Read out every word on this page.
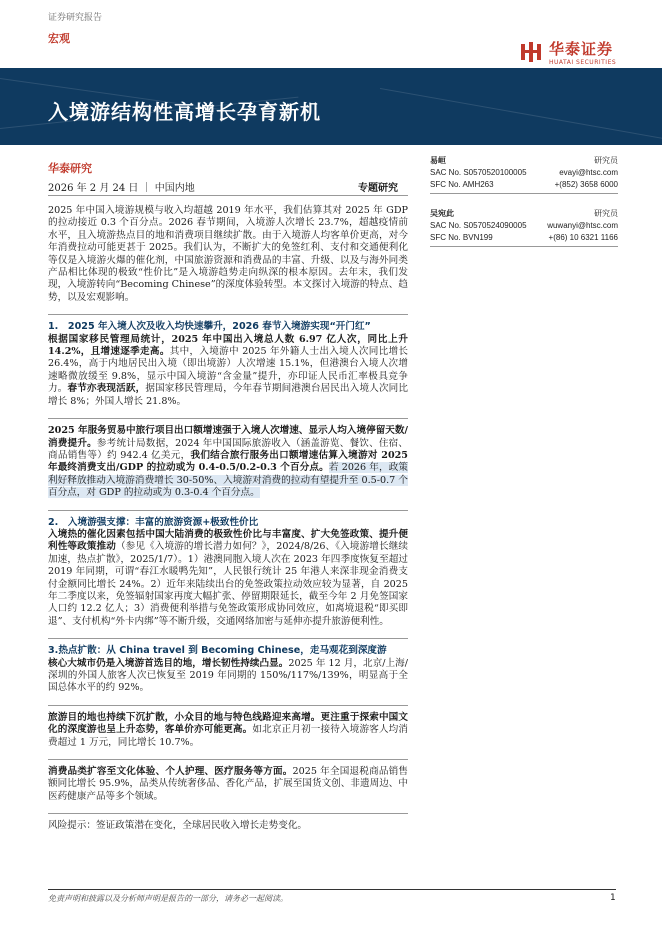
证券研究报告
宏观
华泰证券
HUATAI SECURITIES
入境游结构性高增长孕育新机
华泰研究
2026 年 2 月 24 日 ｜ 中国内地	专题研究
易峘	研究员
SAC No. S0570520100005	evayi@htsc.com
SFC No. AMH263	+(852) 3658 6000
吴宛此	研究员
SAC No. S0570524090005	wuwanyi@htsc.com
SFC No. BVN199	+(86) 10 6321 1166

2025 年中国入境游规模与收入均超越 2019 年水平，我们估算其对 2025 年 GDP 的拉动接近 0.3 个百分点。2026 春节期间，入境游人次增长 23.7%，超越疫情前水平，且入境游热点目的地和消费项目继续扩散。由于入境游人均客单价更高，对今年消费拉动可能更甚于 2025。我们认为，不断扩大的免签红利、支付和交通便利化等仅是入境游火爆的催化剂，中国旅游资源和消费品的丰富、升级、以及与海外同类产品相比体现的极致“性价比”是入境游趋势走向纵深的根本原因。去年末，我们发现，入境游转向“Becoming Chinese”的深度体验转型。本文探讨入境游的特点、趋势，以及宏观影响。

1.　2025 年入境人次及收入均快速攀升，2026 春节入境游实现“开门红”
根据国家移民管理局统计，2025 年中国出入境总人数 6.97 亿人次，同比上升 14.2%，且增速逐季走高。其中，入境游中 2025 年外籍人士出入境人次同比增长 26.4%，高于内地居民出入境（即出境游）人次增速 15.1%，但港澳台入境人次增速略微放缓至 9.8%，显示中国入境游“含金量”提升，亦印证人民币汇率极具竞争力。春节亦表现活跃，据国家移民管理局，今年春节期间港澳台居民出入境人次同比增长 8%；外国人增长 21.8%。

2025 年服务贸易中旅行项目出口额增速强于入境人次增速、显示人均入境停留天数/消费提升。参考统计局数据，2024 年中国国际旅游收入（涵盖游览、餐饮、住宿、商品销售等）约 942.4 亿美元，我们结合旅行服务出口额增速估算入境游对 2025 年最终消费支出/GDP 的拉动或为 0.4-0.5/0.2-0.3 个百分点。若 2026 年，政策利好释放推动入境游消费增长 30-50%、入境游对消费的拉动有望提升至 0.5-0.7 个百分点，对 GDP 的拉动或为 0.3-0.4 个百分点。

2.　入境游强支撑：丰富的旅游资源+极致性价比
入境热的催化因素包括中国大陆消费的极致性价比与丰富度、扩大免签政策、提升便利性等政策推动（参见《入境游的增长潜力如何？》，2024/8/26、《入境游增长继续加速，热点扩散》，2025/1/7）。1）港澳同胞入境人次在 2023 年四季度恢复至超过 2019 年同期，可谓“春江水暖鸭先知”，人民银行统计 25 年港人来深非现金消费支付金额同比增长 24%。2）近年来陆续出台的免签政策拉动效应较为显著，自 2025 年二季度以来，免签辐射国家再度大幅扩张、停留期限延长，截至今年 2 月免签国家人口约 12.2 亿人；3）消费便利举措与免签政策形成协同效应，如离境退税“即买即退”、支付机构“外卡内绑”等不断升级，交通网络加密与延伸亦提升旅游便利性。

3.热点扩散：从 China travel 到 Becoming Chinese，走马观花到深度游
核心大城市仍是入境游首选目的地，增长韧性持续凸显。2025 年 12 月，北京/上海/深圳的外国人旅客人次已恢复至 2019 年同期的 150%/117%/139%，明显高于全国总体水平的约 92%。

旅游目的地也持续下沉扩散，小众目的地与特色线路迎来高增。更注重于探索中国文化的深度游也呈上升态势，客单价亦可能更高。如北京正月初一接待入境游客人均消费超过 1 万元，同比增长 10.7%。

消费品类扩容至文化体验、个人护理、医疗服务等方面。2025 年全国退税商品销售额同比增长 95.9%，品类从传统奢侈品、香化产品，扩展至国货文创、非遗周边、中医药健康产品等多个领域。

风险提示：签证政策潜在变化，全球居民收入增长走势变化。

免责声明和披露以及分析师声明是报告的一部分，请务必一起阅读。	1
